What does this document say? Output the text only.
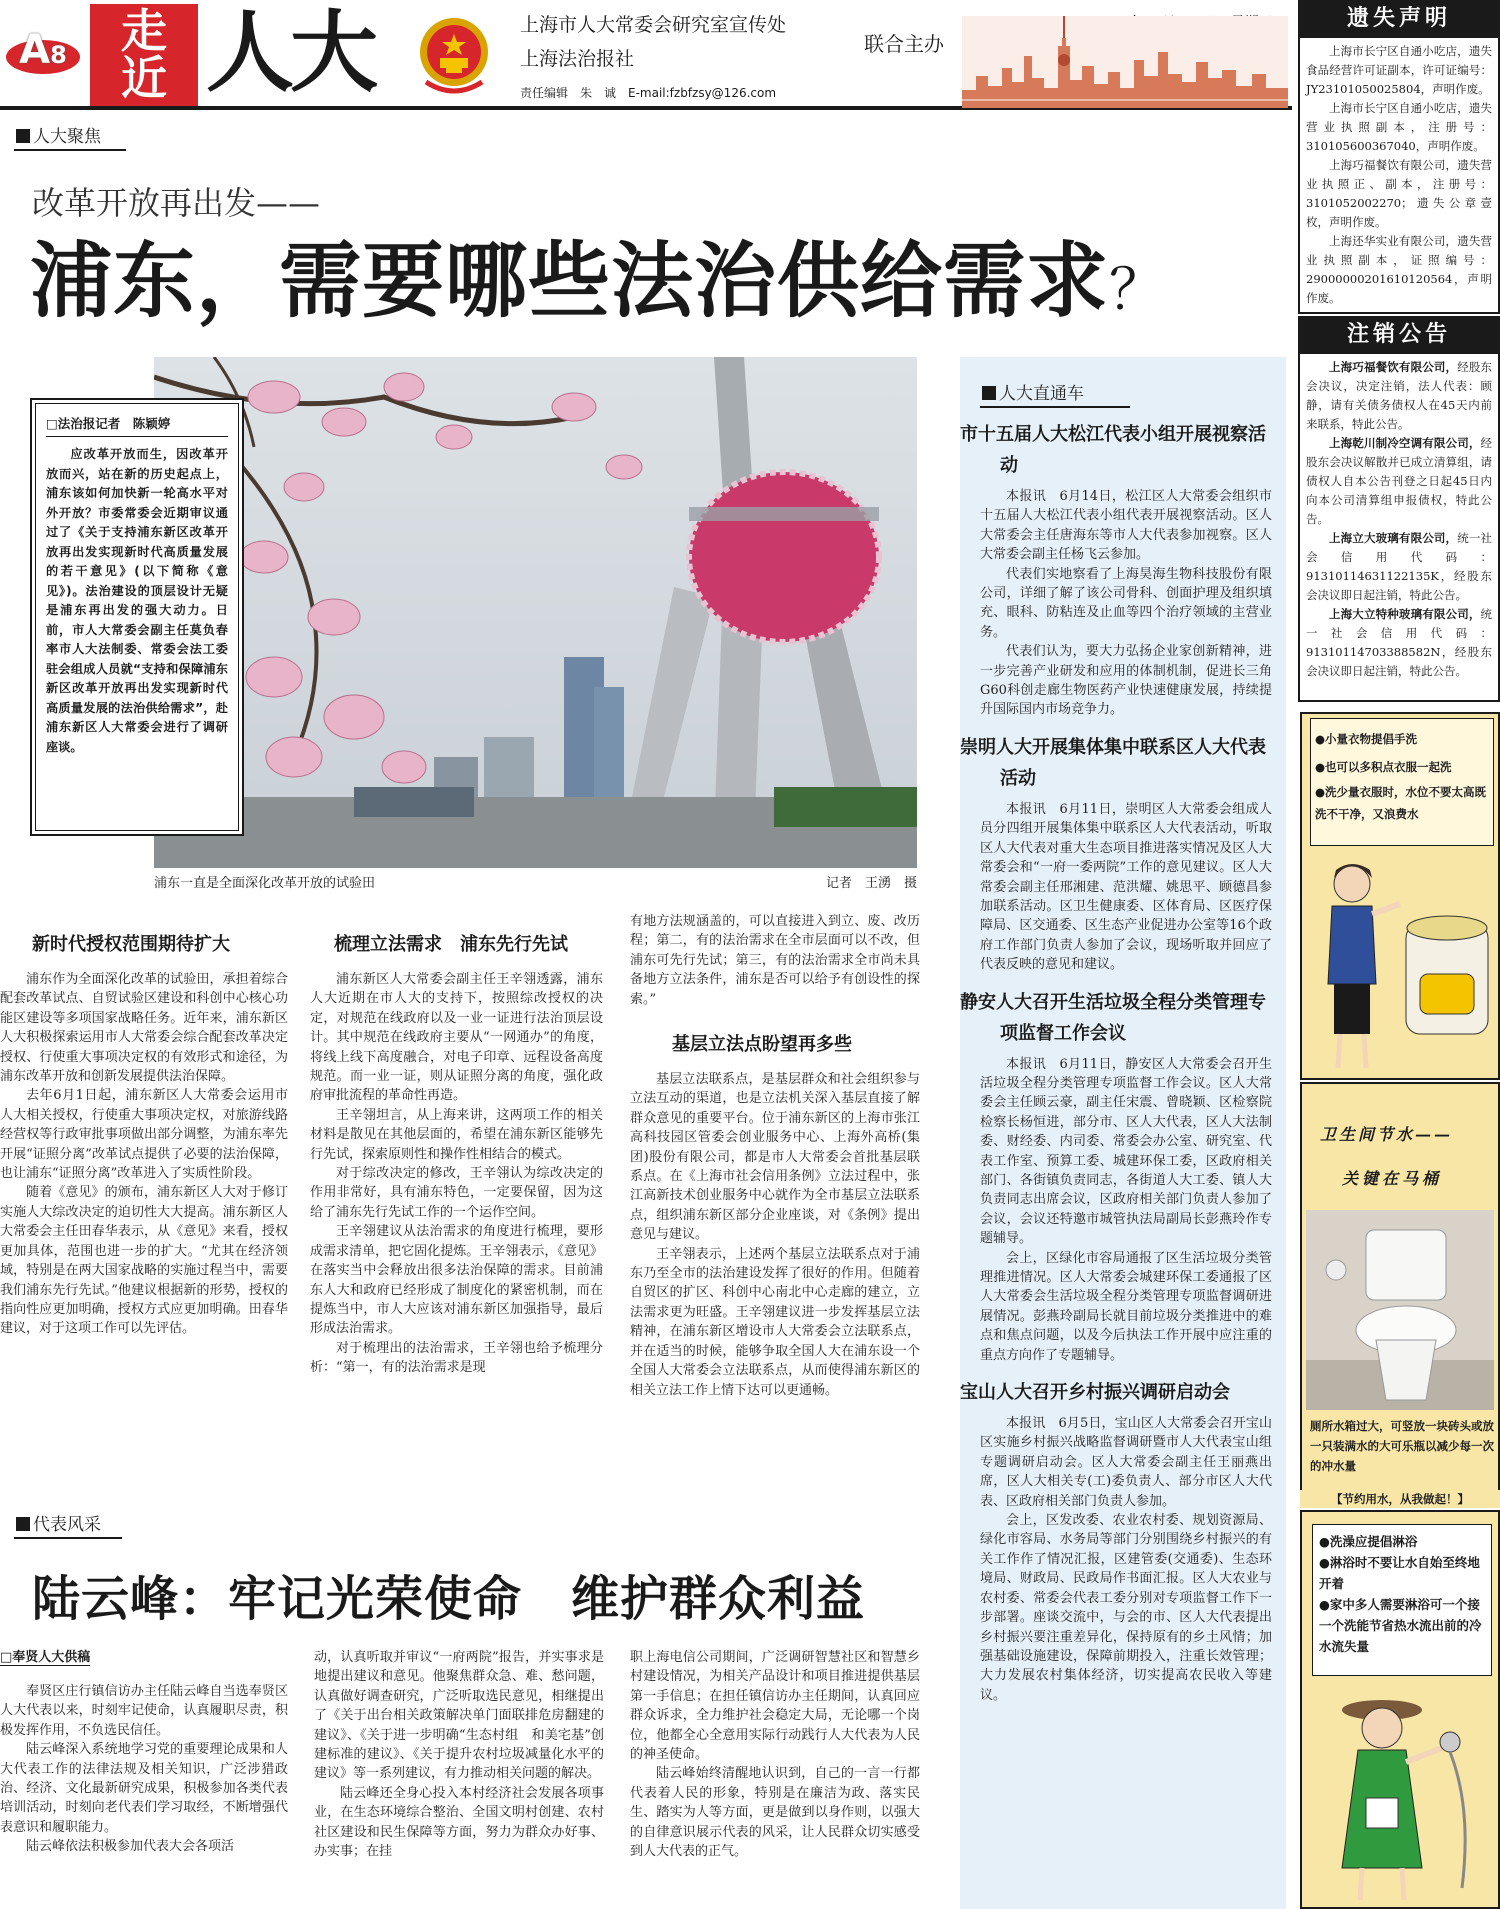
A8	走近 人大	上海市人大常委会研究室宣传处
上海法治报社
联合主办
责任编辑　朱　诚　E-mail:fzbfzsy@126.com
遗失声明

上海市长宁区自通小吃店，遗失食品经营许可证副本，许可证编号：JY23101050025804，声明作废。

上海市长宁区自通小吃店，遗失营业执照副本，注册号：310105600367040，声明作废。

上海巧福餐饮有限公司，遗失营业执照正、副本，注册号：3101052002270；遗失公章壹枚，声明作废。

上海还华实业有限公司，遗失营业执照副本，证照编号：29000000201610120564，声明作废。

注销公告

上海巧福餐饮有限公司，经股东会决议，决定注销，法人代表：顾静，请有关债务债权人在45天内前来联系，特此公告。

上海乾川制冷空调有限公司，经股东会决议解散并已成立清算组，请债权人自本公告刊登之日起45日内向本公司清算组申报债权，特此公告。

上海立大玻璃有限公司，统一社会信用代码：91310114631122135K，经股东会决议即日起注销，特此公告。

上海大立特种玻璃有限公司，统一社会信用代码：91310114703388582N，经股东会决议即日起注销，特此公告。

人大聚焦
改革开放再出发——
浦东，需要哪些法治供给需求？
浦东一直是全面深化改革开放的试验田	记者　王湧　摄
□法治报记者　陈颖婷
应改革开放而生，因改革开放而兴，站在新的历史起点上，浦东该如何加快新一轮高水平对外开放？市委常委会近期审议通过了《关于支持浦东新区改革开放再出发实现新时代高质量发展的若干意见》(以下简称《意见》)。法治建设的顶层设计无疑是浦东再出发的强大动力。日前，市人大常委会副主任莫负春率市人大法制委、常委会法工委驻会组成人员就“支持和保障浦东新区改革开放再出发实现新时代高质量发展的法治供给需求”，赴浦东新区人大常委会进行了调研座谈。
新时代授权范围期待扩大

浦东作为全面深化改革的试验田，承担着综合配套改革试点、自贸试验区建设和科创中心核心功能区建设等多项国家战略任务。近年来，浦东新区人大积极探索运用市人大常委会综合配套改革决定授权、行使重大事项决定权的有效形式和途径，为浦东改革开放和创新发展提供法治保障。

去年6月1日起，浦东新区人大常委会运用市人大相关授权，行使重大事项决定权，对旅游线路经营权等行政审批事项做出部分调整，为浦东率先开展“证照分离”改革试点提供了必要的法治保障，也让浦东“证照分离”改革进入了实质性阶段。

随着《意见》的颁布，浦东新区人大对于修订实施人大综改决定的迫切性大大提高。浦东新区人大常委会主任田春华表示，从《意见》来看，授权更加具体，范围也进一步的扩大。“尤其在经济领域，特别是在两大国家战略的实施过程当中，需要我们浦东先行先试。”他建议根据新的形势，授权的指向性应更加明确，授权方式应更加明确。田春华建议，对于这项工作可以先评估。

梳理立法需求　浦东先行先试

浦东新区人大常委会副主任王辛翎透露，浦东人大近期在市人大的支持下，按照综改授权的决定，对规范在线政府以及一业一证进行法治顶层设计。其中规范在线政府主要从“一网通办”的角度，将线上线下高度融合，对电子印章、远程设备高度规范。而一业一证，则从证照分离的角度，强化政府审批流程的革命性再造。

王辛翎坦言，从上海来讲，这两项工作的相关材料是散见在其他层面的，希望在浦东新区能够先行先试，探索原则性和操作性相结合的模式。

对于综改决定的修改，王辛翎认为综改决定的作用非常好，具有浦东特色，一定要保留，因为这给了浦东先行先试工作的一个运作空间。

王辛翎建议从法治需求的角度进行梳理，要形成需求清单，把它固化提炼。王辛翎表示，《意见》在落实当中会释放出很多法治保障的需求。目前浦东人大和政府已经形成了制度化的紧密机制，而在提炼当中，市人大应该对浦东新区加强指导，最后形成法治需求。

对于梳理出的法治需求，王辛翎也给予梳理分析：“第一，有的法治需求是现

有地方法规涵盖的，可以直接进入到立、废、改历程；第二，有的法治需求在全市层面可以不改，但浦东可先行先试；第三，有的法治需求全市尚未具备地方立法条件，浦东是否可以给予有创设性的探索。”

基层立法点盼望再多些

基层立法联系点，是基层群众和社会组织参与立法互动的渠道，也是立法机关深入基层直接了解群众意见的重要平台。位于浦东新区的上海市张江高科技园区管委会创业服务中心、上海外高桥(集团)股份有限公司，都是市人大常委会首批基层联系点。在《上海市社会信用条例》立法过程中，张江高新技术创业服务中心就作为全市基层立法联系点，组织浦东新区部分企业座谈，对《条例》提出意见与建议。

王辛翎表示，上述两个基层立法联系点对于浦东乃至全市的法治建设发挥了很好的作用。但随着自贸区的扩区、科创中心南北中心走廊的建立，立法需求更为旺盛。王辛翎建议进一步发挥基层立法精神，在浦东新区增设市人大常委会立法联系点，并在适当的时候，能够争取全国人大在浦东设一个全国人大常委会立法联系点，从而使得浦东新区的相关立法工作上情下达可以更通畅。

人大直通车
市十五届人大松江代表小组开展视察活动

本报讯　6月14日，松江区人大常委会组织市十五届人大松江代表小组代表开展视察活动。区人大常委会主任唐海东等市人大代表参加视察。区人大常委会副主任杨飞云参加。

代表们实地察看了上海昊海生物科技股份有限公司，详细了解了该公司骨科、创面护理及组织填充、眼科、防粘连及止血等四个治疗领域的主营业务。

代表们认为，要大力弘扬企业家创新精神，进一步完善产业研发和应用的体制机制，促进长三角G60科创走廊生物医药产业快速健康发展，持续提升国际国内市场竞争力。

崇明人大开展集体集中联系区人大代表活动

本报讯　6月11日，崇明区人大常委会组成人员分四组开展集体集中联系区人大代表活动，听取区人大代表对重大生态项目推进落实情况及区人大常委会和“一府一委两院”工作的意见建议。区人大常委会副主任邢湘建、范洪耀、姚思平、顾德昌参加联系活动。区卫生健康委、区体育局、区医疗保障局、区交通委、区生态产业促进办公室等16个政府工作部门负责人参加了会议，现场听取并回应了代表反映的意见和建议。

静安人大召开生活垃圾全程分类管理专项监督工作会议

本报讯　6月11日，静安区人大常委会召开生活垃圾全程分类管理专项监督工作会议。区人大常委会主任顾云豪，副主任宋震、曾晓颖、区检察院检察长杨恒进，部分市、区人大代表，区人大法制委、财经委、内司委、常委会办公室、研究室、代表工作室、预算工委、城建环保工委，区政府相关部门、各街镇负责同志，各街道人大工委、镇人大负责同志出席会议，区政府相关部门负责人参加了会议，会议还特邀市城管执法局副局长彭燕玲作专题辅导。

会上，区绿化市容局通报了区生活垃圾分类管理推进情况。区人大常委会城建环保工委通报了区人大常委会生活垃圾全程分类管理专项监督调研进展情况。彭燕玲副局长就目前垃圾分类推进中的难点和焦点问题，以及今后执法工作开展中应注重的重点方向作了专题辅导。

宝山人大召开乡村振兴调研启动会

本报讯　6月5日，宝山区人大常委会召开宝山区实施乡村振兴战略监督调研暨市人大代表宝山组专题调研启动会。区人大常委会副主任王丽燕出席，区人大相关专(工)委负责人、部分市区人大代表、区政府相关部门负责人参加。

会上，区发改委、农业农村委、规划资源局、绿化市容局、水务局等部门分别围绕乡村振兴的有关工作作了情况汇报，区建管委(交通委)、生态环境局、财政局、民政局作书面汇报。区人大农业与农村委、常委会代表工委分别对专项监督工作下一步部署。座谈交流中，与会的市、区人大代表提出乡村振兴要注重差异化，保持原有的乡土风情；加强基础设施建设，保障前期投入，注重长效管理；大力发展农村集体经济，切实提高农民收入等建议。

代表风采
陆云峰：牢记光荣使命　维护群众利益
□奉贤人大供稿

奉贤区庄行镇信访办主任陆云峰自当选奉贤区人大代表以来，时刻牢记使命，认真履职尽责，积极发挥作用，不负选民信任。

陆云峰深入系统地学习党的重要理论成果和人大代表工作的法律法规及相关知识，广泛涉猎政治、经济、文化最新研究成果，积极参加各类代表培训活动，时刻向老代表们学习取经，不断增强代表意识和履职能力。

陆云峰依法积极参加代表大会各项活

动，认真听取并审议“一府两院”报告，并实事求是地提出建议和意见。他聚焦群众急、难、愁问题，认真做好调查研究，广泛听取选民意见，相继提出了《关于出台相关政策解决单门面联排危房翻建的建议》、《关于进一步明确“生态村组　和美宅基”创建标准的建议》、《关于提升农村垃圾减量化水平的建议》等一系列建议，有力推动相关问题的解决。

陆云峰还全身心投入本村经济社会发展各项事业，在生态环境综合整治、全国文明村创建、农村社区建设和民生保障等方面，努力为群众办好事、办实事；在挂

职上海电信公司期间，广泛调研智慧社区和智慧乡村建设情况，为相关产品设计和项目推进提供基层第一手信息；在担任镇信访办主任期间，认真回应群众诉求，全力维护社会稳定大局，无论哪一个岗位，他都全心全意用实际行动践行人大代表为人民的神圣使命。

陆云峰始终清醒地认识到，自己的一言一行都代表着人民的形象，特别是在廉洁为政、落实民生、踏实为人等方面，更是做到以身作则，以强大的自律意识展示代表的风采，让人民群众切实感受到人大代表的正气。

●小量衣物提倡手洗
●也可以多积点衣服一起洗
●洗少量衣服时，水位不要太高既洗不干净，又浪费水
卫生间节水——
关键在马桶
厕所水箱过大，可竖放一块砖头或放一只装满水的大可乐瓶以减少每一次的冲水量
【节约用水，从我做起！】
●洗澡应提倡淋浴
●淋浴时不要让水自始至终地开着
●家中多人需要淋浴可一个接一个洗能节省热水流出前的冷水流失量
